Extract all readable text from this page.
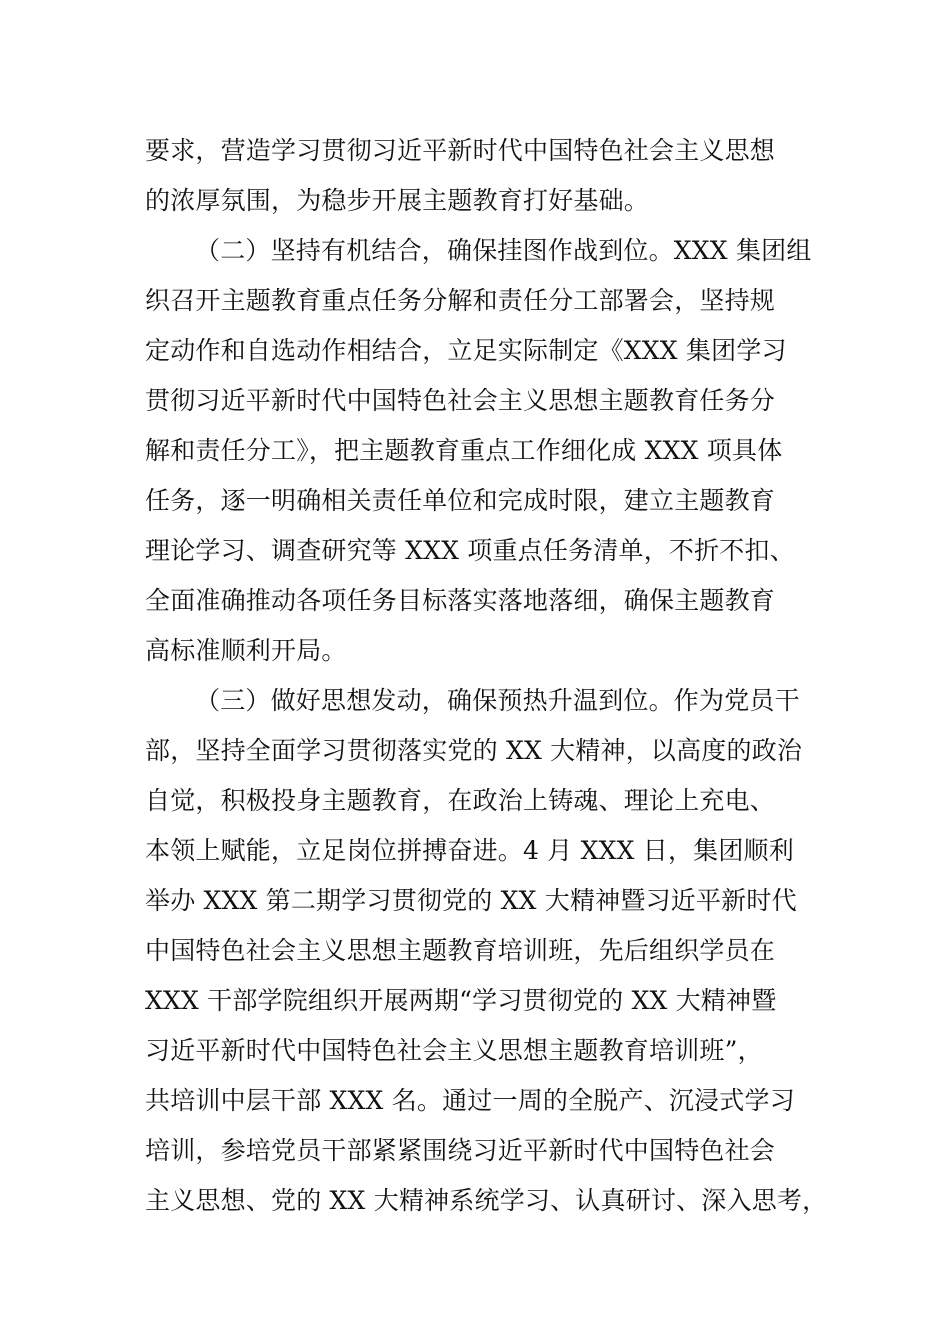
要求，营造学习贯彻习近平新时代中国特色社会主义思想
的浓厚氛围，为稳步开展主题教育打好基础。
（二）坚持有机结合，确保挂图作战到位。XXX 集团组
织召开主题教育重点任务分解和责任分工部署会，坚持规
定动作和自选动作相结合，立足实际制定《XXX 集团学习
贯彻习近平新时代中国特色社会主义思想主题教育任务分
解和责任分工》，把主题教育重点工作细化成 XXX 项具体
任务，逐一明确相关责任单位和完成时限，建立主题教育
理论学习、调查研究等 XXX 项重点任务清单，不折不扣、
全面准确推动各项任务目标落实落地落细，确保主题教育
高标准顺利开局。
（三）做好思想发动，确保预热升温到位。作为党员干
部，坚持全面学习贯彻落实党的 XX 大精神，以高度的政治
自觉，积极投身主题教育，在政治上铸魂、理论上充电、
本领上赋能，立足岗位拼搏奋进。4 月 XXX 日，集团顺利
举办 XXX 第二期学习贯彻党的 XX 大精神暨习近平新时代
中国特色社会主义思想主题教育培训班，先后组织学员在
XXX 干部学院组织开展两期“学习贯彻党的 XX 大精神暨
习近平新时代中国特色社会主义思想主题教育培训班”，
共培训中层干部 XXX 名。通过一周的全脱产、沉浸式学习
培训，参培党员干部紧紧围绕习近平新时代中国特色社会
主义思想、党的 XX 大精神系统学习、认真研讨、深入思考，
